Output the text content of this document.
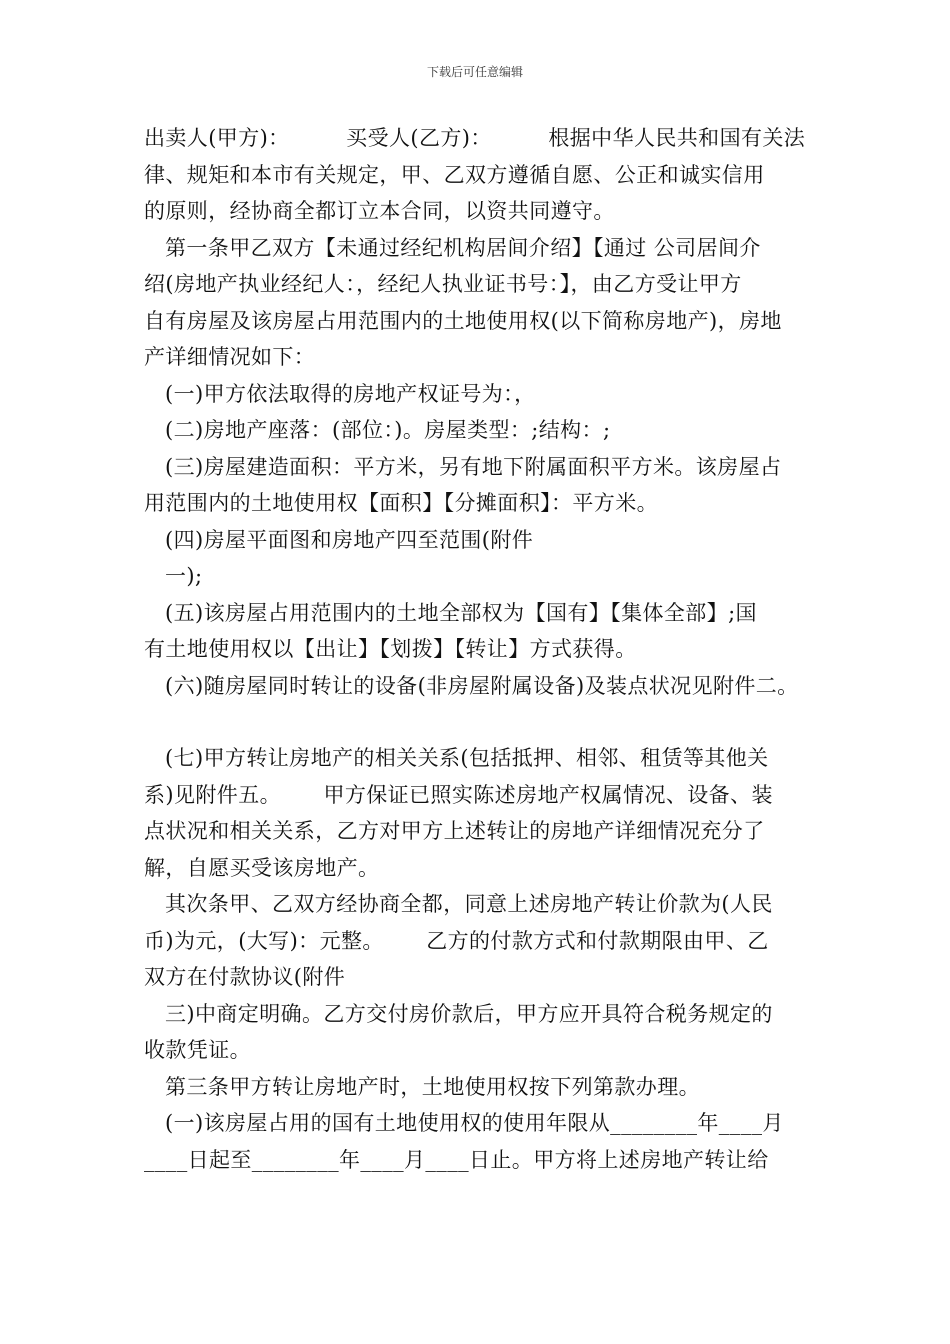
下载后可任意编辑
出卖人(甲方)：        买受人(乙方)：        根据中华人民共和国有关法
律、规矩和本市有关规定，甲、乙双方遵循自愿、公正和诚实信用
的原则，经协商全都订立本合同，以资共同遵守。
第一条甲乙双方【未通过经纪机构居间介绍】【通过 公司居间介
绍(房地产执业经纪人：，经纪人执业证书号：】，由乙方受让甲方
自有房屋及该房屋占用范围内的土地使用权(以下简称房地产)，房地
产详细情况如下：
(一)甲方依法取得的房地产权证号为：，
(二)房地产座落：(部位：)。房屋类型：;结构：;
(三)房屋建造面积：平方米，另有地下附属面积平方米。该房屋占
用范围内的土地使用权【面积】【分摊面积】：平方米。
(四)房屋平面图和房地产四至范围(附件
一);
(五)该房屋占用范围内的土地全部权为【国有】【集体全部】;国
有土地使用权以【出让】【划拨】【转让】方式获得。
(六)随房屋同时转让的设备(非房屋附属设备)及装点状况见附件二。
(七)甲方转让房地产的相关关系(包括抵押、相邻、租赁等其他关
系)见附件五。      甲方保证已照实陈述房地产权属情况、设备、装
点状况和相关关系，乙方对甲方上述转让的房地产详细情况充分了
解，自愿买受该房地产。
其次条甲、乙双方经协商全都，同意上述房地产转让价款为(人民
币)为元，(大写)：元整。      乙方的付款方式和付款期限由甲、乙
双方在付款协议(附件
三)中商定明确。乙方交付房价款后，甲方应开具符合税务规定的
收款凭证。
第三条甲方转让房地产时，土地使用权按下列第款办理。
(一)该房屋占用的国有土地使用权的使用年限从________年____月
____日起至________年____月____日止。甲方将上述房地产转让给
